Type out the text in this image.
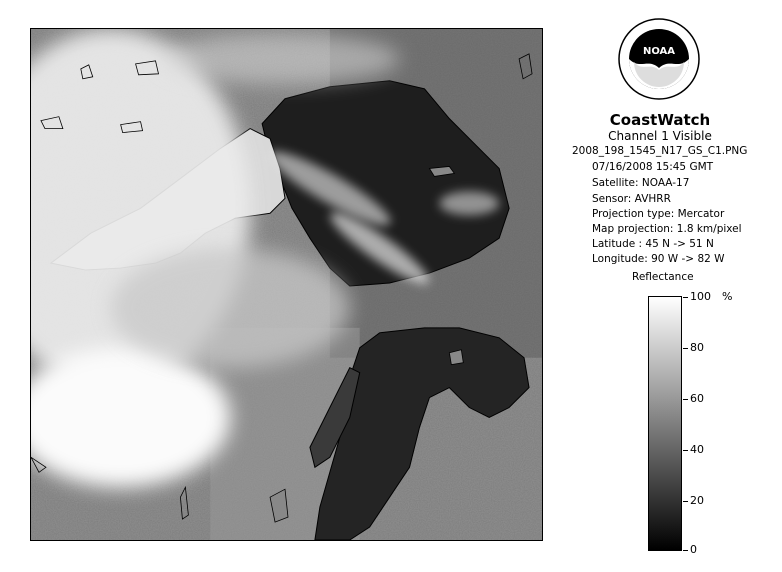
NOAA
CoastWatch
Channel 1 Visible
2008_198_1545_N17_GS_C1.PNG
07/16/2008 15:45 GMT
Satellite: NOAA-17
Sensor: AVHRR
Projection type: Mercator
Map projection: 1.8 km/pixel
Latitude : 45 N -> 51 N
Longitude: 90 W -> 82 W
Reflectance
%
100
80
60
40
20
0
